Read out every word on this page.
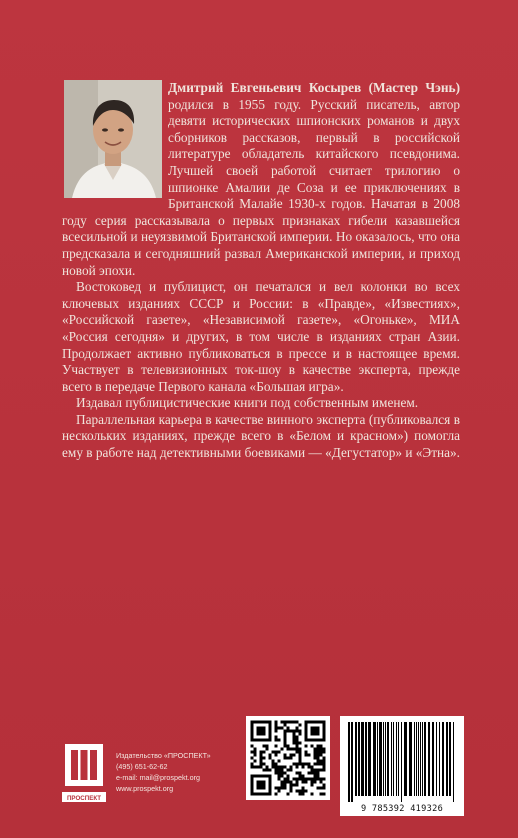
Дмитрий Евгеньевич Косырев (Мастер Чэнь) родился в 1955 году. Русский писатель, автор девяти исторических шпионских романов и двух сборников рассказов, первый в российской литературе обладатель китайского псевдонима. Лучшей своей работой считает трилогию о шпионке Амалии де Соза и ее приключениях в Британской Малайе 1930-х годов. Начатая в 2008 году серия рассказывала о первых признаках гибели казавшейся всесильной и неуязвимой Британской империи. Но оказалось, что она предсказала и сегодняшний развал Американской империи, и приход новой эпохи.

Востоковед и публицист, он печатался и вел колонки во всех ключевых изданиях СССР и России: в «Правде», «Известиях», «Российской газете», «Независимой газете», «Огоньке», МИА «Россия сегодня» и других, в том числе в изданиях стран Азии. Продолжает активно публиковаться в прессе и в настоящее время. Участвует в телевизионных ток-шоу в качестве эксперта, прежде всего в передаче Первого канала «Большая игра».

Издавал публицистические книги под собственным именем.

Параллельная карьера в качестве винного эксперта (публиковался в нескольких изданиях, прежде всего в «Белом и красном») помогла ему в работе над детективными боевиками — «Дегустатор» и «Этна».

ПРОСПЕКТ
Издательство «ПРОСПЕКТ»
(495) 651-62-62
e-mail: mail@prospekt.org
www.prospekt.org
9 785392 419326
